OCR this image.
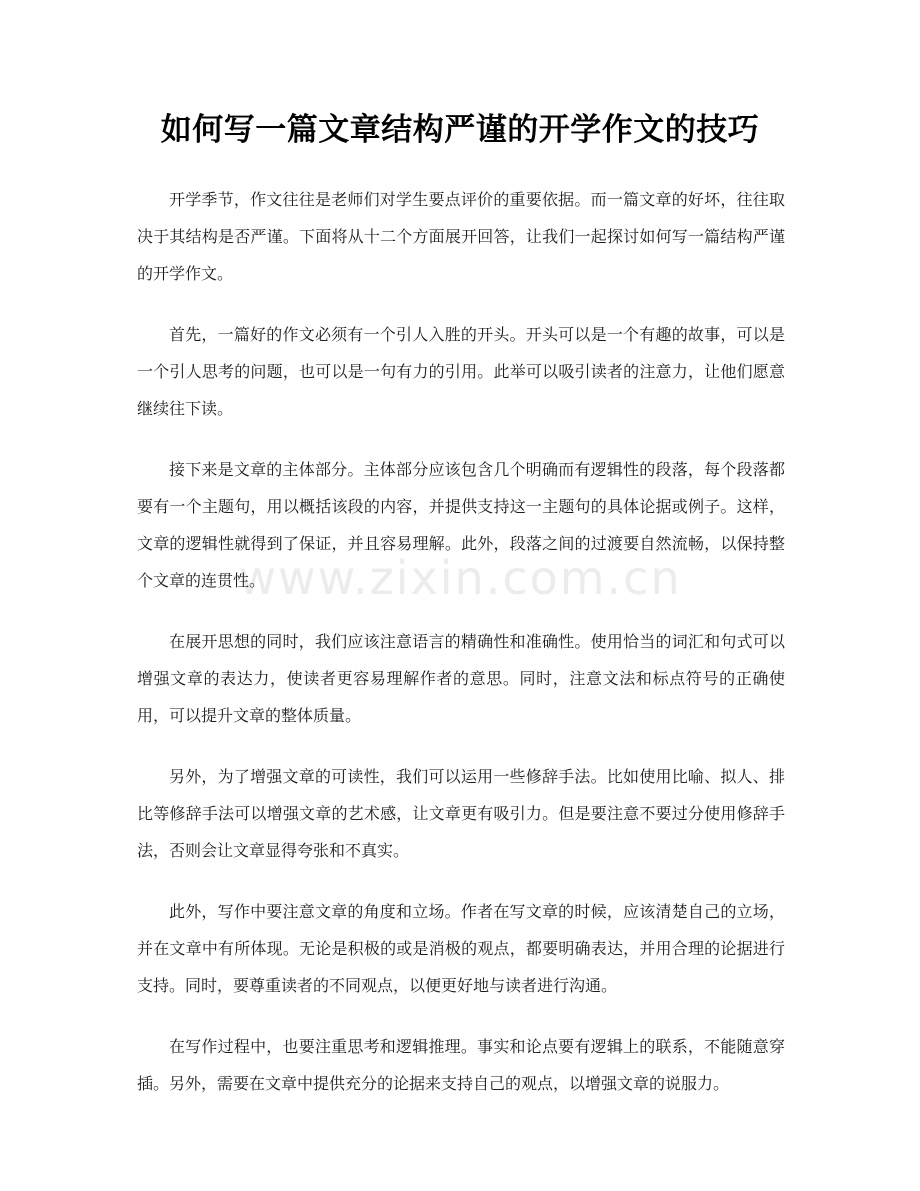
如何写一篇文章结构严谨的开学作文的技巧
www.zixin.com.cn

开学季节，作文往往是老师们对学生要点评价的重要依据。而一篇文章的好坏，往往取决于其结构是否严谨。下面将从十二个方面展开回答，让我们一起探讨如何写一篇结构严谨的开学作文。

首先，一篇好的作文必须有一个引人入胜的开头。开头可以是一个有趣的故事，可以是一个引人思考的问题，也可以是一句有力的引用。此举可以吸引读者的注意力，让他们愿意继续往下读。

接下来是文章的主体部分。主体部分应该包含几个明确而有逻辑性的段落，每个段落都要有一个主题句，用以概括该段的内容，并提供支持这一主题句的具体论据或例子。这样，文章的逻辑性就得到了保证，并且容易理解。此外，段落之间的过渡要自然流畅，以保持整个文章的连贯性。

在展开思想的同时，我们应该注意语言的精确性和准确性。使用恰当的词汇和句式可以增强文章的表达力，使读者更容易理解作者的意思。同时，注意文法和标点符号的正确使用，可以提升文章的整体质量。

另外，为了增强文章的可读性，我们可以运用一些修辞手法。比如使用比喻、拟人、排比等修辞手法可以增强文章的艺术感，让文章更有吸引力。但是要注意不要过分使用修辞手法，否则会让文章显得夸张和不真实。

此外，写作中要注意文章的角度和立场。作者在写文章的时候，应该清楚自己的立场，并在文章中有所体现。无论是积极的或是消极的观点，都要明确表达，并用合理的论据进行支持。同时，要尊重读者的不同观点，以便更好地与读者进行沟通。

在写作过程中，也要注重思考和逻辑推理。事实和论点要有逻辑上的联系，不能随意穿插。另外，需要在文章中提供充分的论据来支持自己的观点，以增强文章的说服力。
